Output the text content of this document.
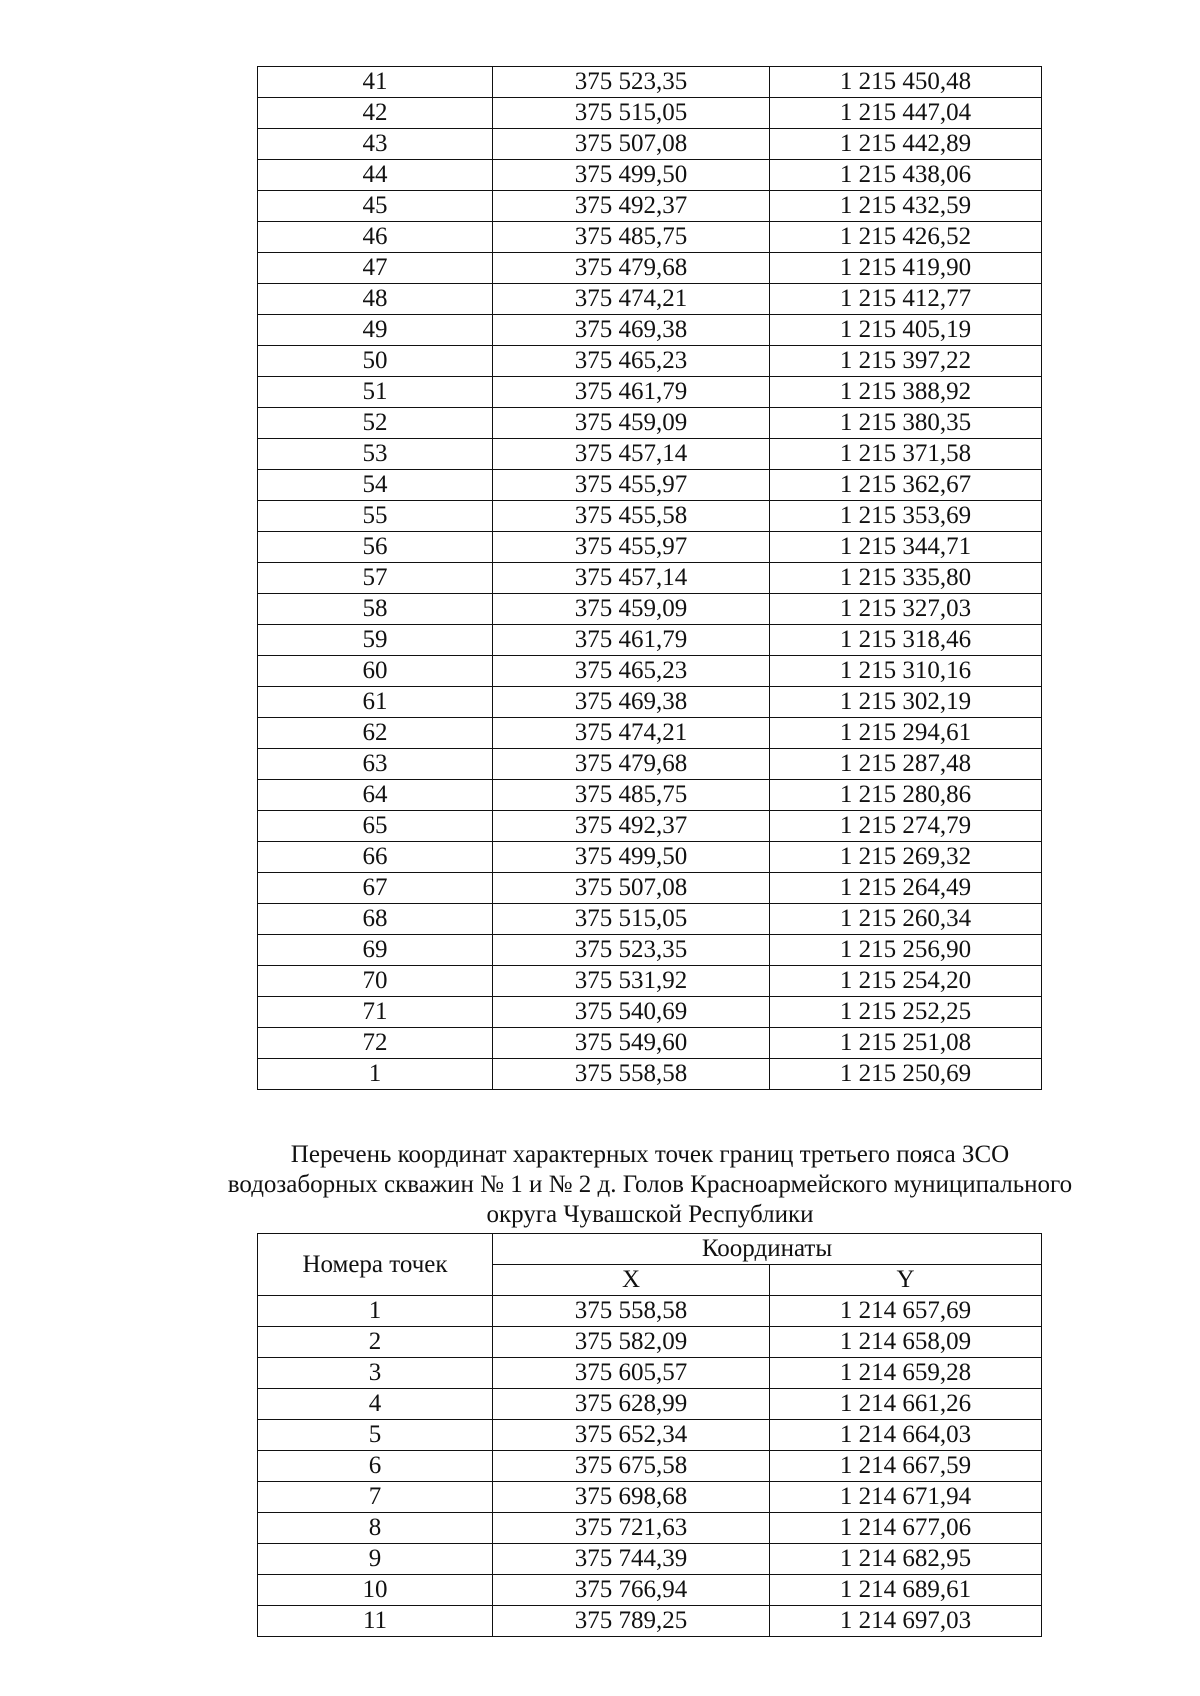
41	375 523,35	1 215 450,48
42	375 515,05	1 215 447,04
43	375 507,08	1 215 442,89
44	375 499,50	1 215 438,06
45	375 492,37	1 215 432,59
46	375 485,75	1 215 426,52
47	375 479,68	1 215 419,90
48	375 474,21	1 215 412,77
49	375 469,38	1 215 405,19
50	375 465,23	1 215 397,22
51	375 461,79	1 215 388,92
52	375 459,09	1 215 380,35
53	375 457,14	1 215 371,58
54	375 455,97	1 215 362,67
55	375 455,58	1 215 353,69
56	375 455,97	1 215 344,71
57	375 457,14	1 215 335,80
58	375 459,09	1 215 327,03
59	375 461,79	1 215 318,46
60	375 465,23	1 215 310,16
61	375 469,38	1 215 302,19
62	375 474,21	1 215 294,61
63	375 479,68	1 215 287,48
64	375 485,75	1 215 280,86
65	375 492,37	1 215 274,79
66	375 499,50	1 215 269,32
67	375 507,08	1 215 264,49
68	375 515,05	1 215 260,34
69	375 523,35	1 215 256,90
70	375 531,92	1 215 254,20
71	375 540,69	1 215 252,25
72	375 549,60	1 215 251,08
1	375 558,58	1 215 250,69
Перечень координат характерных точек границ третьего пояса ЗСО
водозаборных скважин № 1 и № 2 д. Голов Красноармейского муниципального
округа Чувашской Республики
Номера точек	Координаты	
	X	Y
1	375 558,58	1 214 657,69
2	375 582,09	1 214 658,09
3	375 605,57	1 214 659,28
4	375 628,99	1 214 661,26
5	375 652,34	1 214 664,03
6	375 675,58	1 214 667,59
7	375 698,68	1 214 671,94
8	375 721,63	1 214 677,06
9	375 744,39	1 214 682,95
10	375 766,94	1 214 689,61
11	375 789,25	1 214 697,03
